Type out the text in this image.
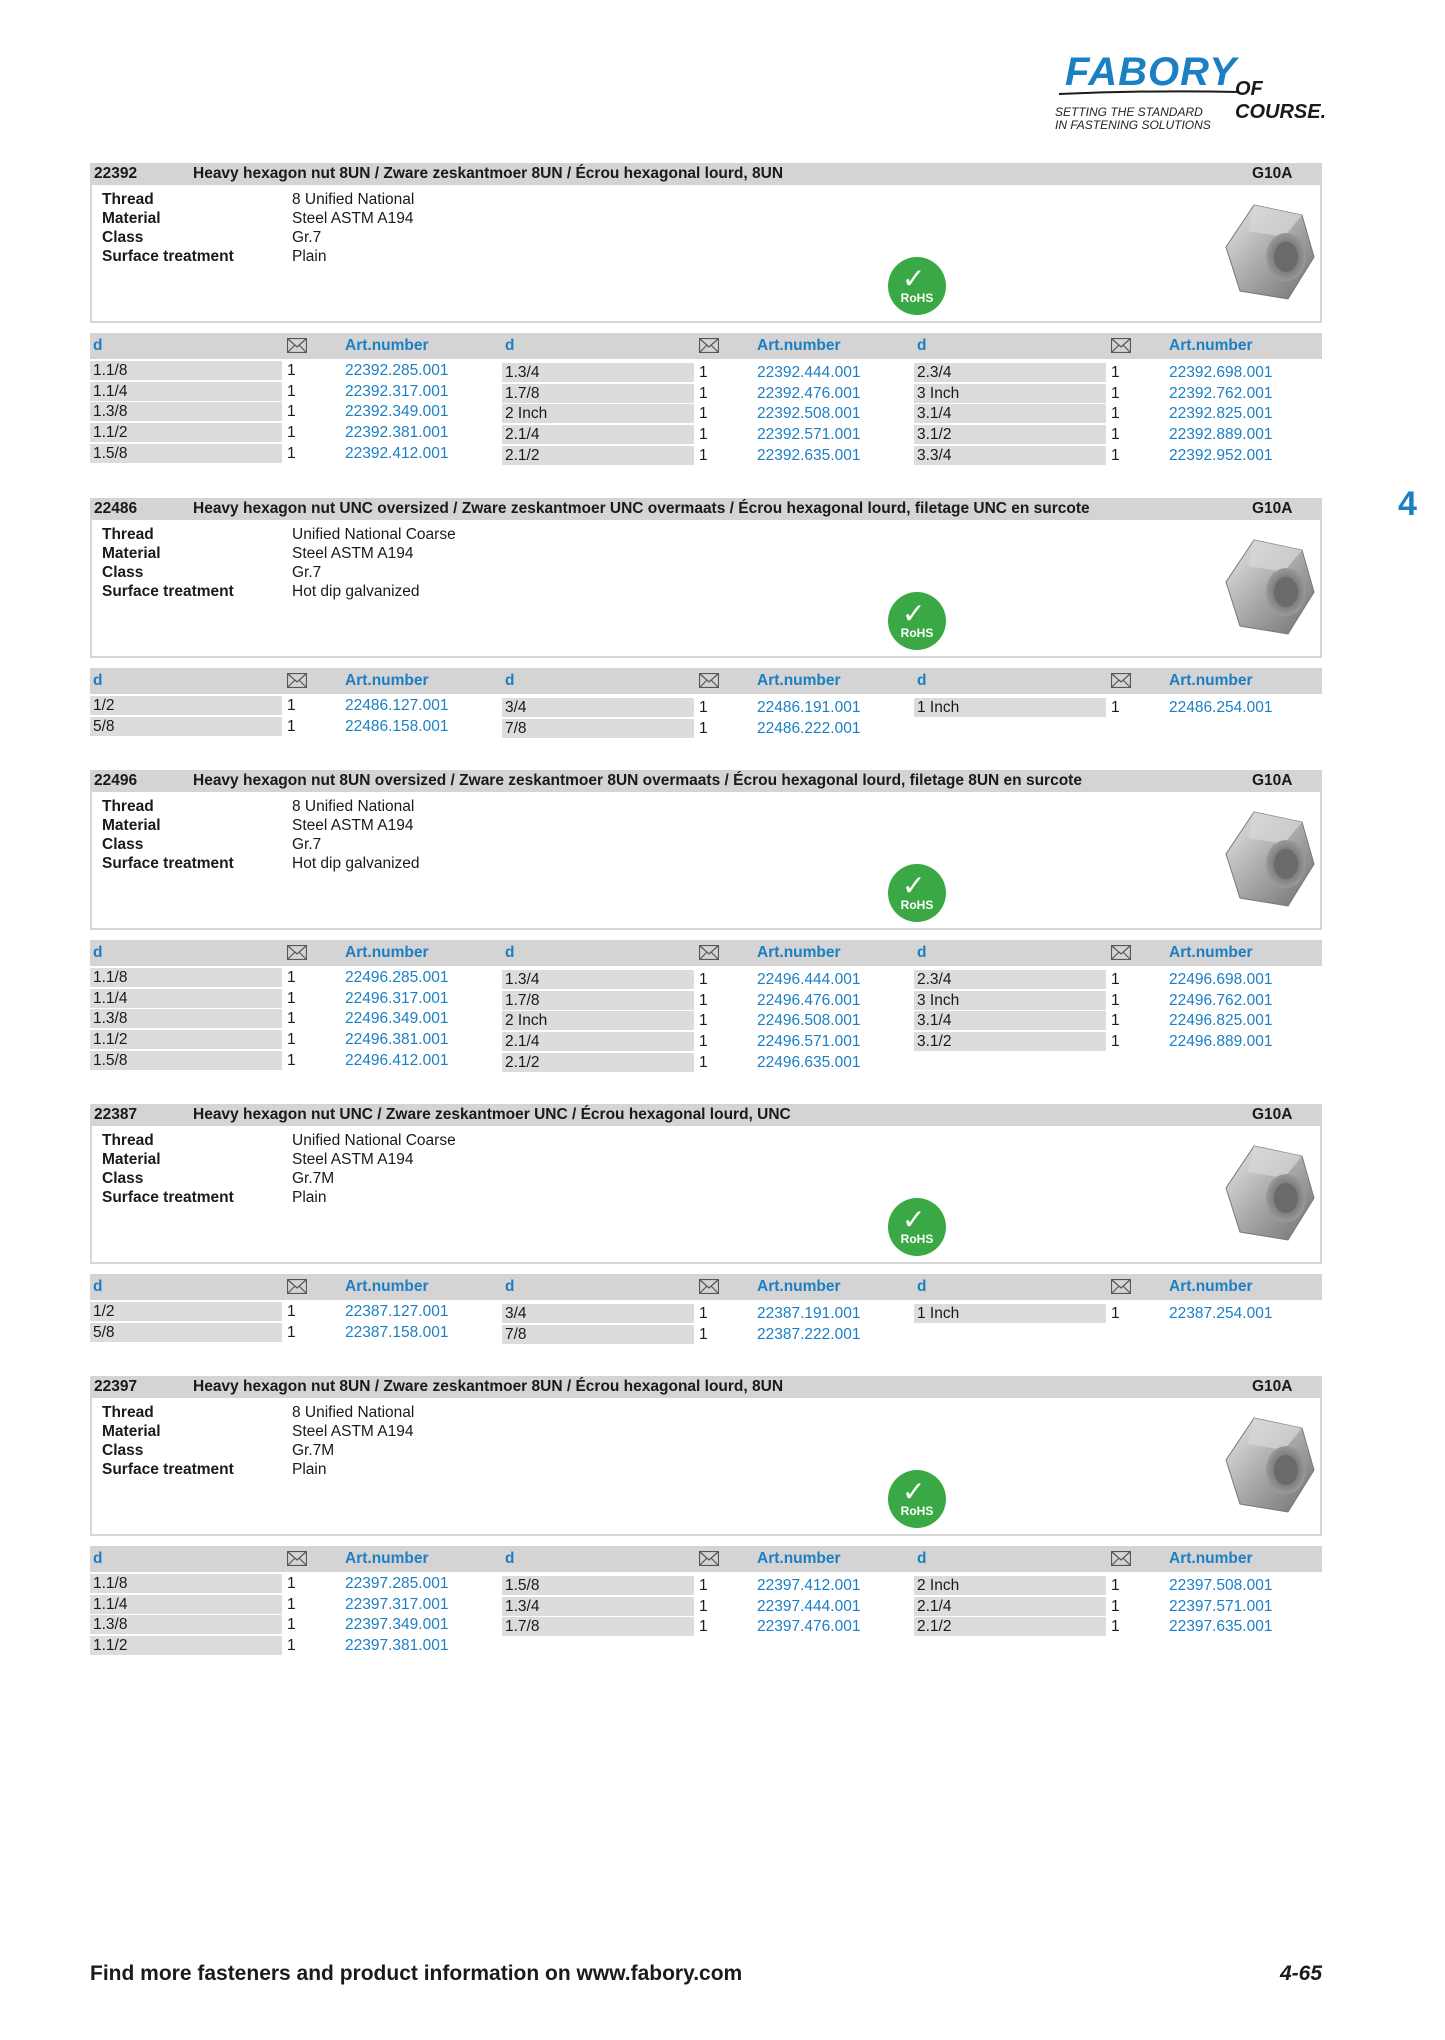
FABORY
OF COURSE.
SETTING THE STANDARD
IN FASTENING SOLUTIONS
4
22392	Heavy hexagon nut 8UN / Zware zeskantmoer 8UN / Écrou hexagonal lourd, 8UN	G10A
Thread	8 Unified National
Material	Steel ASTM A194
Class	Gr.7
Surface treatment	Plain
✓
RoHS
d	Art.number	d	Art.number	d	Art.number
1.1/8	1	22392.285.001
1.1/4	1	22392.317.001
1.3/8	1	22392.349.001
1.1/2	1	22392.381.001
1.5/8	1	22392.412.001
1.3/4	1	22392.444.001
1.7/8	1	22392.476.001
2 Inch	1	22392.508.001
2.1/4	1	22392.571.001
2.1/2	1	22392.635.001
2.3/4	1	22392.698.001
3 Inch	1	22392.762.001
3.1/4	1	22392.825.001
3.1/2	1	22392.889.001
3.3/4	1	22392.952.001
22486	Heavy hexagon nut UNC oversized / Zware zeskantmoer UNC overmaats / Écrou hexagonal lourd, filetage UNC en surcote	G10A
Thread	Unified National Coarse
Material	Steel ASTM A194
Class	Gr.7
Surface treatment	Hot dip galvanized
✓
RoHS
d	Art.number	d	Art.number	d	Art.number
1/2	1	22486.127.001
5/8	1	22486.158.001
3/4	1	22486.191.001
7/8	1	22486.222.001
1 Inch	1	22486.254.001
22496	Heavy hexagon nut 8UN oversized / Zware zeskantmoer 8UN overmaats / Écrou hexagonal lourd, filetage 8UN en surcote	G10A
Thread	8 Unified National
Material	Steel ASTM A194
Class	Gr.7
Surface treatment	Hot dip galvanized
✓
RoHS
d	Art.number	d	Art.number	d	Art.number
1.1/8	1	22496.285.001
1.1/4	1	22496.317.001
1.3/8	1	22496.349.001
1.1/2	1	22496.381.001
1.5/8	1	22496.412.001
1.3/4	1	22496.444.001
1.7/8	1	22496.476.001
2 Inch	1	22496.508.001
2.1/4	1	22496.571.001
2.1/2	1	22496.635.001
2.3/4	1	22496.698.001
3 Inch	1	22496.762.001
3.1/4	1	22496.825.001
3.1/2	1	22496.889.001
22387	Heavy hexagon nut UNC / Zware zeskantmoer UNC / Écrou hexagonal lourd, UNC	G10A
Thread	Unified National Coarse
Material	Steel ASTM A194
Class	Gr.7M
Surface treatment	Plain
✓
RoHS
d	Art.number	d	Art.number	d	Art.number
1/2	1	22387.127.001
5/8	1	22387.158.001
3/4	1	22387.191.001
7/8	1	22387.222.001
1 Inch	1	22387.254.001
22397	Heavy hexagon nut 8UN / Zware zeskantmoer 8UN / Écrou hexagonal lourd, 8UN	G10A
Thread	8 Unified National
Material	Steel ASTM A194
Class	Gr.7M
Surface treatment	Plain
✓
RoHS
d	Art.number	d	Art.number	d	Art.number
1.1/8	1	22397.285.001
1.1/4	1	22397.317.001
1.3/8	1	22397.349.001
1.1/2	1	22397.381.001
1.5/8	1	22397.412.001
1.3/4	1	22397.444.001
1.7/8	1	22397.476.001
2 Inch	1	22397.508.001
2.1/4	1	22397.571.001
2.1/2	1	22397.635.001
Find more fasteners and product information on www.fabory.com	4-65
